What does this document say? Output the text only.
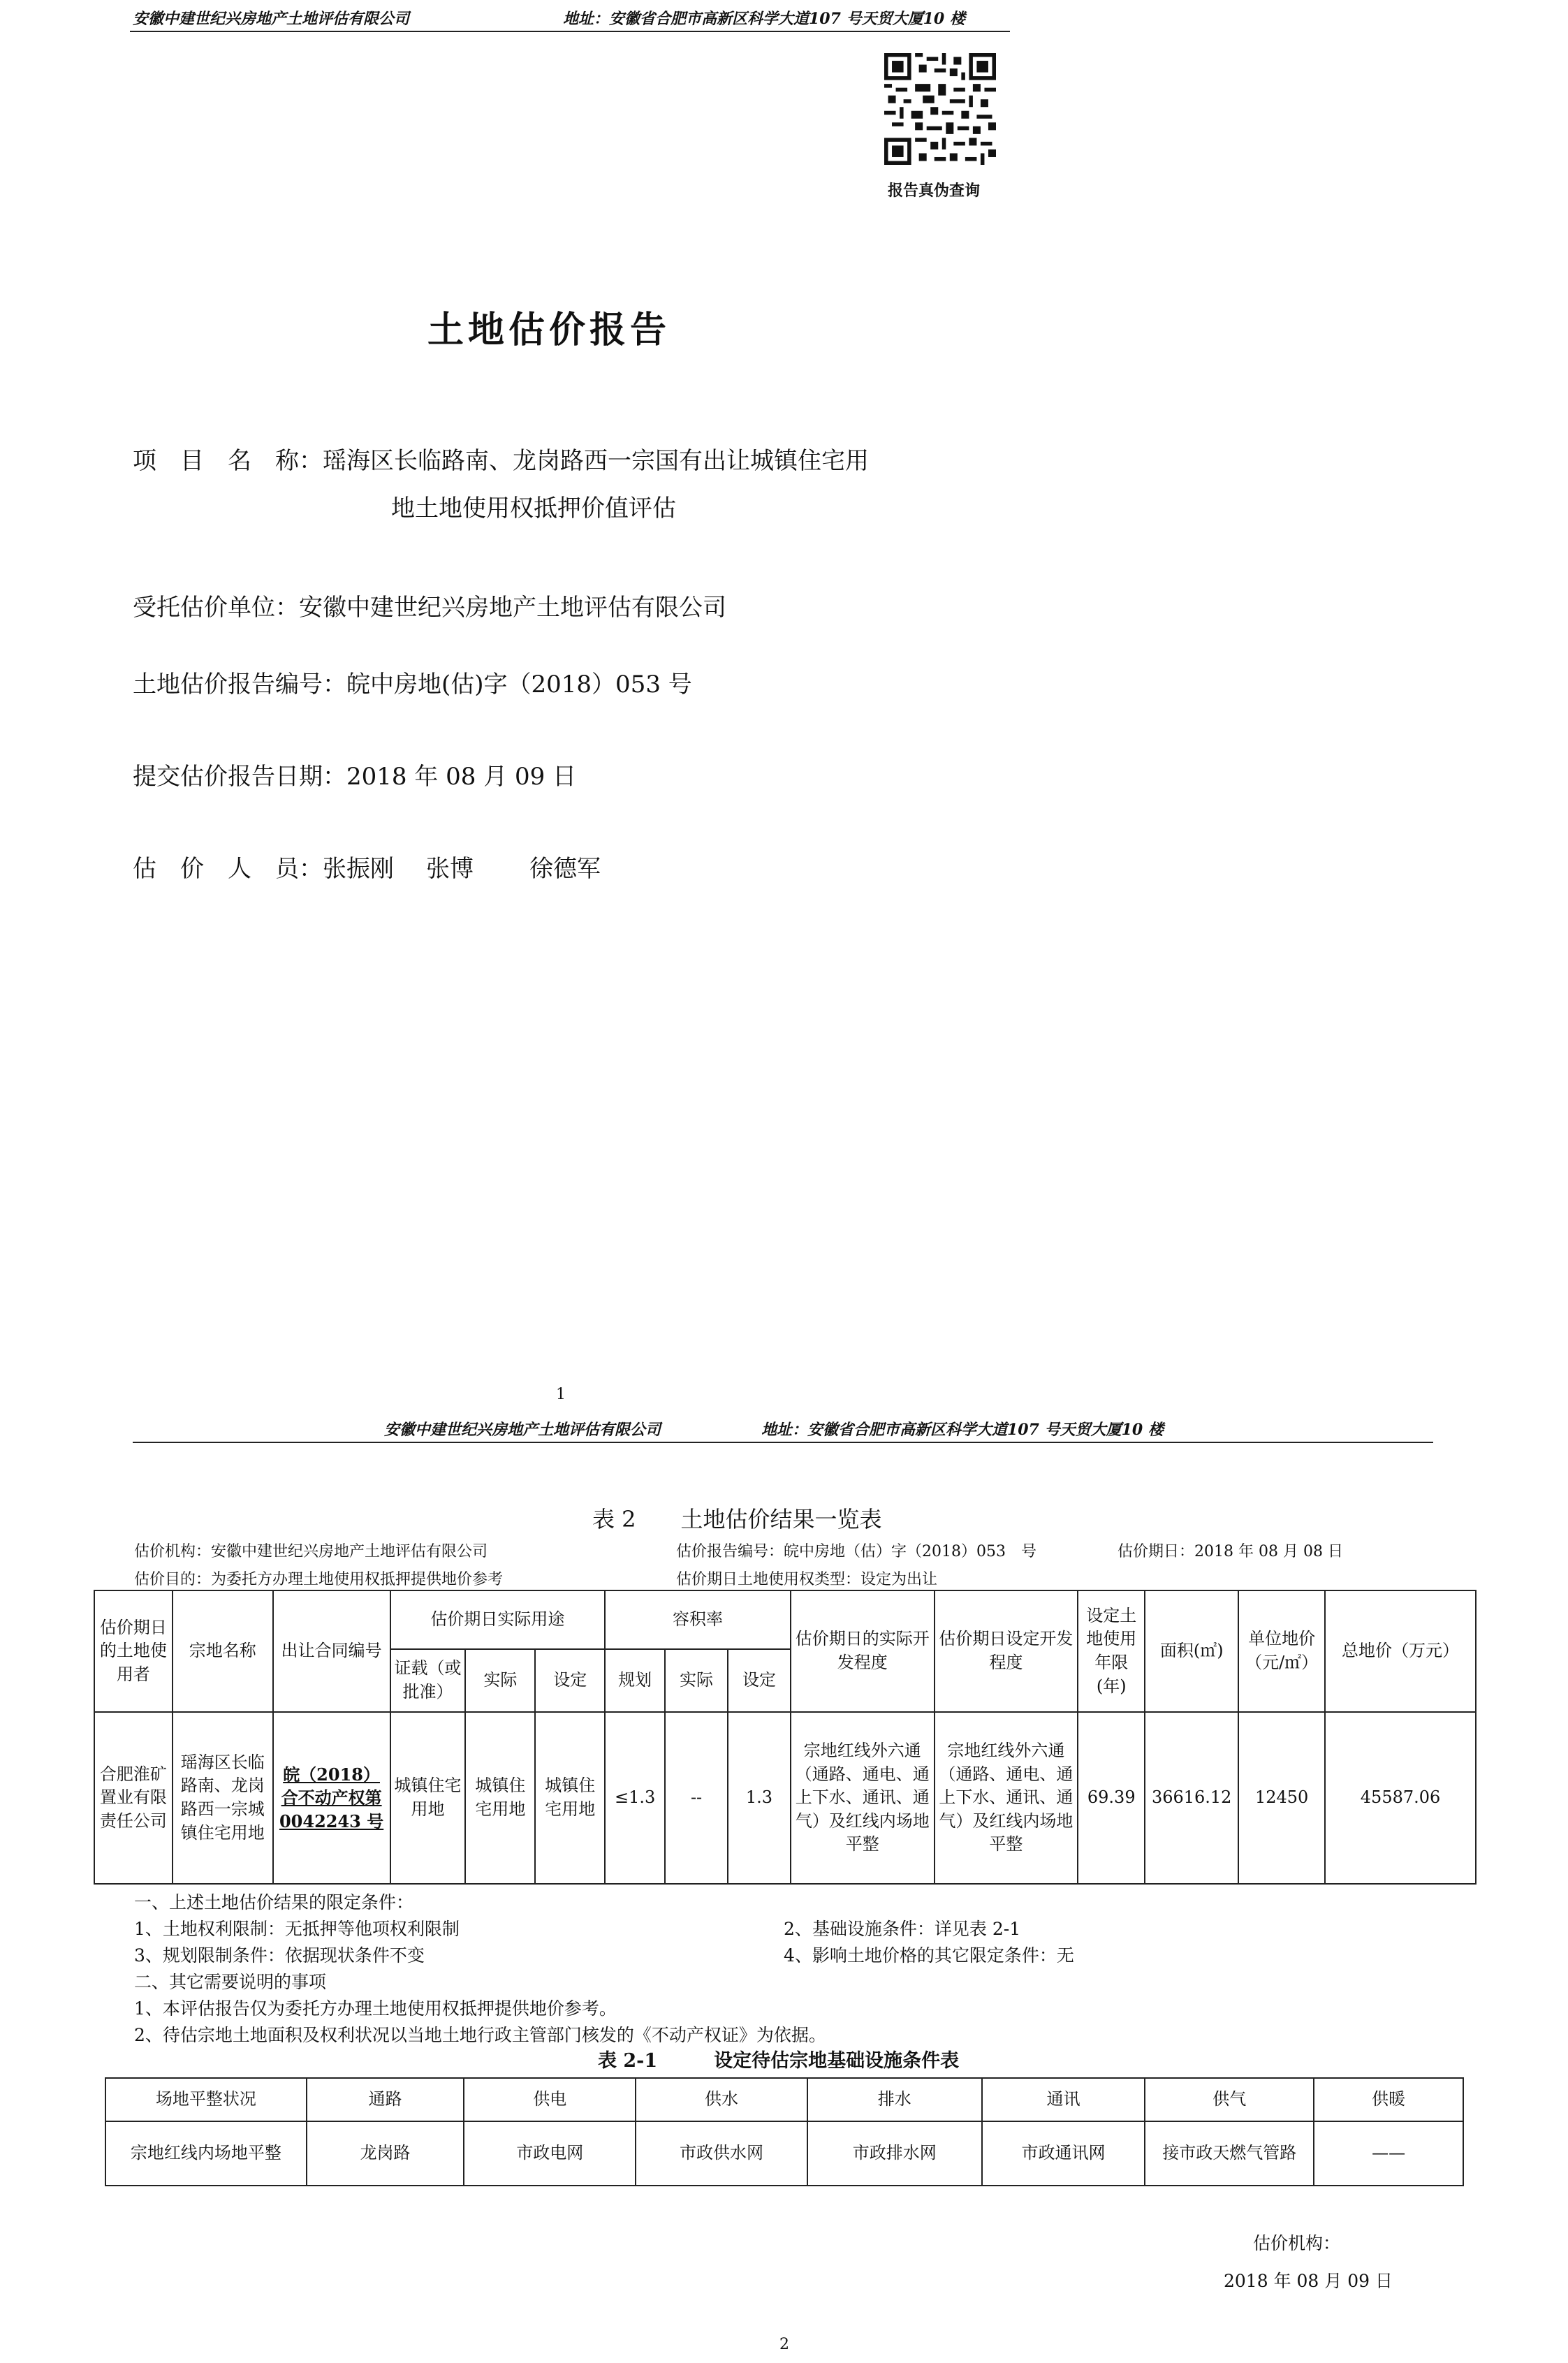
安徽中建世纪兴房地产土地评估有限公司	地址：安徽省合肥市高新区科学大道107 号天贸大厦10 楼
报告真伪查询
土地估价报告
项　目　名　称：瑶海区长临路南、龙岗路西一宗国有出让城镇住宅用
地土地使用权抵押价值评估
受托估价单位：安徽中建世纪兴房地产土地评估有限公司
土地估价报告编号：皖中房地(估)字（2018）053 号
提交估价报告日期：2018 年 08 月 09 日
估　价　人　员：张振刚 张博 徐德军
1
安徽中建世纪兴房地产土地评估有限公司	地址：安徽省合肥市高新区科学大道107 号天贸大厦10 楼
表 2　　土地估价结果一览表
估价机构：安徽中建世纪兴房地产土地评估有限公司	估价报告编号：皖中房地（估）字（2018）053　号	估价期日：2018 年 08 月 08 日
估价目的：为委托方办理土地使用权抵押提供地价参考	估价期日土地使用权类型：设定为出让
估价期日的土地使用者	宗地名称	出让合同编号	估价期日实际用途			容积率			估价期日的实际开发程度	估价期日设定开发程度	设定土地使用年限(年)	面积(㎡)	单位地价（元/㎡）	总地价（万元）
			证载（或批准）	实际	设定	规划	实际	设定						
合肥淮矿置业有限责任公司	瑶海区长临路南、龙岗路西一宗城镇住宅用地	皖（2018）合不动产权第 0042243 号	城镇住宅用地	城镇住宅用地	城镇住宅用地	≤1.3	--	1.3	宗地红线外六通（通路、通电、通上下水、通讯、通气）及红线内场地平整	宗地红线外六通（通路、通电、通上下水、通讯、通气）及红线内场地平整	69.39	36616.12	12450	45587.06
一、上述土地估价结果的限定条件：
1、土地权利限制：无抵押等他项权利限制	2、基础设施条件：详见表 2-1
3、规划限制条件：依据现状条件不变	4、影响土地价格的其它限定条件：无
二、其它需要说明的事项
1、本评估报告仅为委托方办理土地使用权抵押提供地价参考。
2、待估宗地土地面积及权利状况以当地土地行政主管部门核发的《不动产权证》为依据。
表 2-1　　　设定待估宗地基础设施条件表
场地平整状况	通路	供电	供水	排水	通讯	供气	供暖
宗地红线内场地平整	龙岗路	市政电网	市政供水网	市政排水网	市政通讯网	接市政天燃气管路	——
估价机构：
2018 年 08 月 09 日
2
